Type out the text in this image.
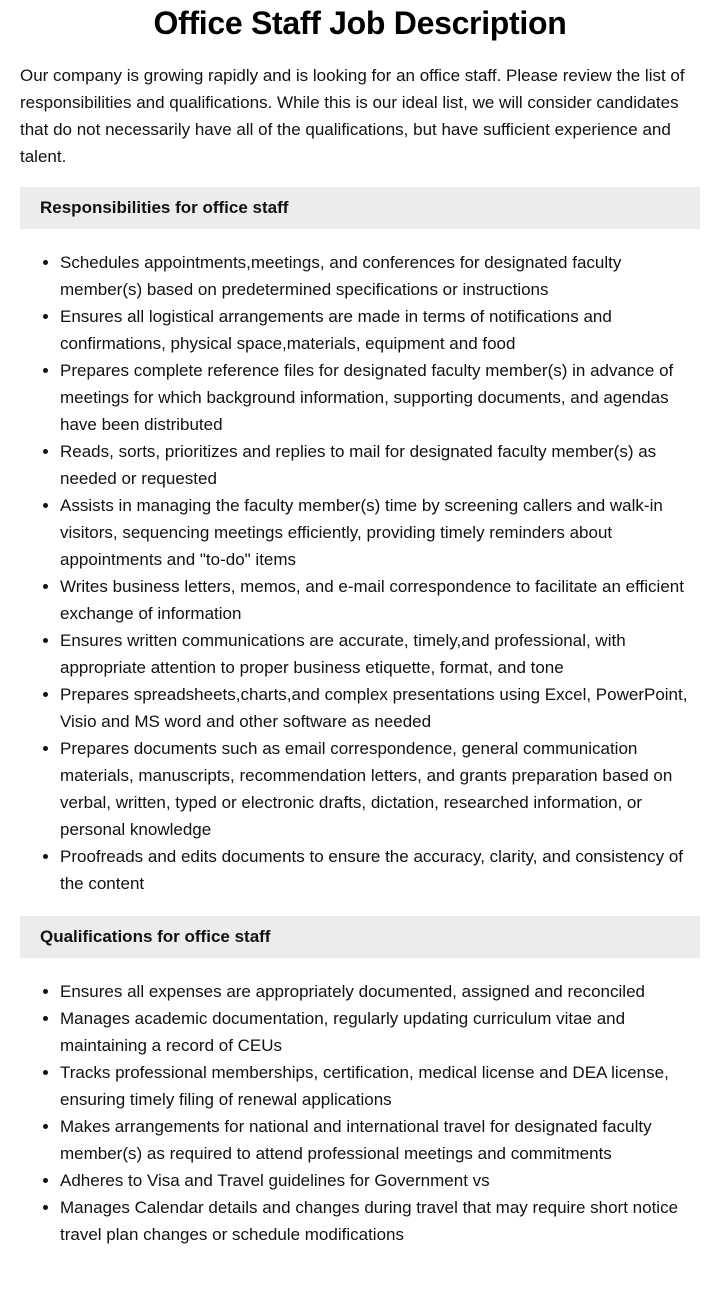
Office Staff Job Description

Our company is growing rapidly and is looking for an office staff. Please review the list of responsibilities and qualifications. While this is our ideal list, we will consider candidates that do not necessarily have all of the qualifications, but have sufficient experience and talent.

Responsibilities for office staff
• Schedules appointments,meetings, and conferences for designated faculty member(s) based on predetermined specifications or instructions
• Ensures all logistical arrangements are made in terms of notifications and confirmations, physical space,materials, equipment and food
• Prepares complete reference files for designated faculty member(s) in advance of meetings for which background information, supporting documents, and agendas have been distributed
• Reads, sorts, prioritizes and replies to mail for designated faculty member(s) as needed or requested
• Assists in managing the faculty member(s) time by screening callers and walk-in visitors, sequencing meetings efficiently, providing timely reminders about appointments and "to-do" items
• Writes business letters, memos, and e-mail correspondence to facilitate an efficient exchange of information
• Ensures written communications are accurate, timely,and professional, with appropriate attention to proper business etiquette, format, and tone
• Prepares spreadsheets,charts,and complex presentations using Excel, PowerPoint, Visio and MS word and other software as needed
• Prepares documents such as email correspondence, general communication materials, manuscripts, recommendation letters, and grants preparation based on verbal, written, typed or electronic drafts, dictation, researched information, or personal knowledge
• Proofreads and edits documents to ensure the accuracy, clarity, and consistency of the content
Qualifications for office staff
• Ensures all expenses are appropriately documented, assigned and reconciled
• Manages academic documentation, regularly updating curriculum vitae and maintaining a record of CEUs
• Tracks professional memberships, certification, medical license and DEA license, ensuring timely filing of renewal applications
• Makes arrangements for national and international travel for designated faculty member(s) as required to attend professional meetings and commitments
• Adheres to Visa and Travel guidelines for Government vs
• Manages Calendar details and changes during travel that may require short notice travel plan changes or schedule modifications
